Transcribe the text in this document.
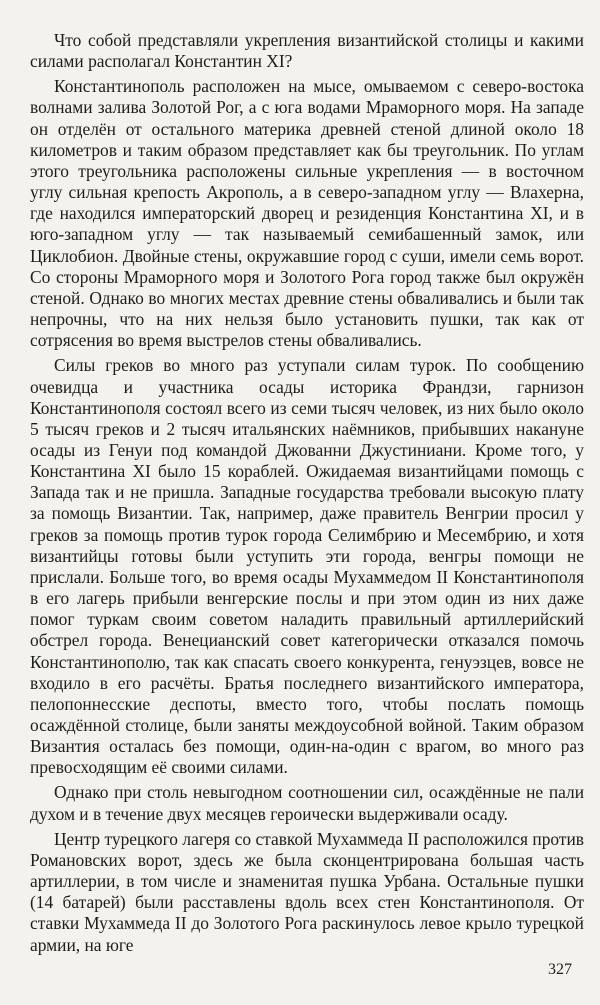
Что собой представляли укрепления византийской столицы и какими силами располагал Константин XI?

Константинополь расположен на мысе, омываемом с северо-востока волнами залива Золотой Рог, а с юга водами Мраморного моря. На западе он отделён от остального материка древней стеной длиной около 18 километров и таким образом представляет как бы треугольник. По углам этого треугольника расположены сильные укрепления — в восточном углу сильная крепость Акрополь, а в северо-западном углу — Влахерна, где находился императорский дворец и резиденция Константина XI, и в юго-западном углу — так называемый семибашенный замок, или Циклобион. Двойные стены, окружавшие город с суши, имели семь ворот. Со стороны Мраморного моря и Золотого Рога город также был окружён стеной. Однако во многих местах древние стены обваливались и были так непрочны, что на них нельзя было установить пушки, так как от сотрясения во время выстрелов стены обваливались.

Силы греков во много раз уступали силам турок. По сообщению очевидца и участника осады историка Франдзи, гарнизон Константинополя состоял всего из семи тысяч человек, из них было около 5 тысяч греков и 2 тысяч итальянских наёмников, прибывших накануне осады из Генуи под командой Джованни Джустиниани. Кроме того, у Константина XI было 15 кораблей. Ожидаемая византийцами помощь с Запада так и не пришла. Западные государства требовали высокую плату за помощь Византии. Так, например, даже правитель Венгрии просил у греков за помощь против турок города Селимбрию и Месембрию, и хотя византийцы готовы были уступить эти города, венгры помощи не прислали. Больше того, во время осады Мухаммедом II Константинополя в его лагерь прибыли венгерские послы и при этом один из них даже помог туркам своим советом наладить правильный артиллерийский обстрел города. Венецианский совет категорически отказался помочь Константинополю, так как спасать своего конкурента, генуэзцев, вовсе не входило в его расчёты. Братья последнего византийского императора, пелопоннесские деспоты, вместо того, чтобы послать помощь осаждённой столице, были заняты междоусобной войной. Таким образом Византия осталась без помощи, один-на-один с врагом, во много раз превосходящим её своими силами.

Однако при столь невыгодном соотношении сил, осаждённые не пали духом и в течение двух месяцев героически выдерживали осаду.

Центр турецкого лагеря со ставкой Мухаммеда II расположился против Романовских ворот, здесь же была сконцентрирована большая часть артиллерии, в том числе и знаменитая пушка Урбана. Остальные пушки (14 батарей) были расставлены вдоль всех стен Константинополя. От ставки Мухаммеда II до Золотого Рога раскинулось левое крыло турецкой армии, на юге

327
